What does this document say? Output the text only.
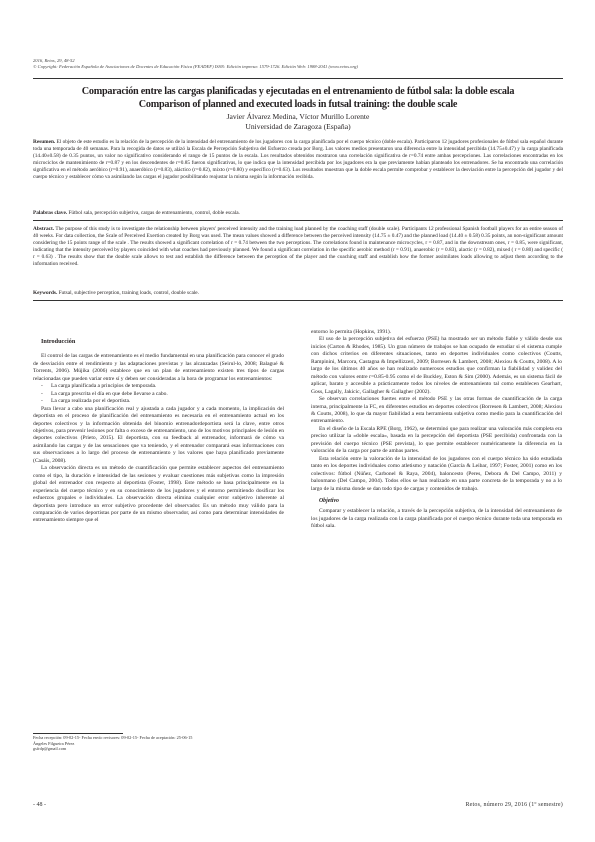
2016, Retos, 29, 48-52
© Copyright: Federación Española de Asociaciones de Docentes de Educación Física (FEADEF) ISSN: Edición impresa: 1579-1726. Edición Web: 1988-2041 (www.retos.org)
Comparación entre las cargas planificadas y ejecutadas en el entrenamiento de fútbol sala: la doble escala
Comparison of planned and executed loads in futsal training: the double scale
Javier Álvarez Medina, Víctor Murillo Lorente
Universidad de Zaragoza (España)
Resumen. El objeto de este estudio es la relación de la percepción de la intensidad del entrenamiento de los jugadores con la carga planificada por el cuerpo técnico (doble escala). Participaron 12 jugadores profesionales de fútbol sala español durante toda una temporada de 40 semanas. Para la recogida de datos se utilizó la Escala de Percepción Subjetiva del Esfuerzo creada por Borg. Los valores medios presentaron una diferencia entre la intensidad percibida (14.75±0.47) y la carga planificada (14.40±0.58) de 0.35 puntos, un valor no significativo considerando el rango de 15 puntos de la escala. Los resultados obtenidos mostraron una correlación significativa de r=0.74 entre ambas percepciones. Las correlaciones encontradas en los microciclos de mantenimiento de r=0.87 y en los descendentes de r=0.85 fueron significativas, lo que indica que la intensidad percibida por los jugadores era la que previamente habían planteado los entrenadores. Se ha encontrado una correlación significativa en el método aeróbico (r=0.91), anaeróbico (r=0.83), aláctico (r=0.82), mixto (r=0.80) y específico (r=0.63). Los resultados muestran que la doble escala permite comprobar y establecer la desviación entre la percepción del jugador y del cuerpo técnico y establecer cómo va asimilando las cargas el jugador posibilitando reajustar la misma según la información recibida.
Palabras clave. Fútbol sala, percepción subjetiva, cargas de entrenamiento, control, doble escala.
Abstract. The purpose of this study is to investigate the relationship between players' perceived intensity and the training load planned by the coaching staff (double scale). Participants 12 professional Spanish football players for an entire season of 40 weeks. For data collection, the Scale of Perceived Exertion created by Borg was used. The mean values showed a difference between the perceived intensity (14.75 ± 0.47) and the planned load (14.40 ± 0.58) 0.35 points, an non-significant amount considering the 15 points range of the scale . The results showed a significant correlation of r = 0.74 between the two perceptions. The correlations found in maintenance microcycles, r = 0.87, and in the downstream ones, r = 0.85, were significant, indicating that the intensity perceived by players coincided with what coaches had previously planned. We found a significant correlation in the specific aerobic method (r = 0.91), anaerobic (r = 0.83), alactic (r = 0.82), mixed ( r = 0.80) and specific ( r = 0.63) . The results show that the double scale allows to test and establish the difference between the perception of the player and the coaching staff and establish how the former assimilates loads allowing to adjust them according to the information received.
Keywords. Futsal, subjective perception, training loads, control, double scale.
Introducción

El control de las cargas de entrenamiento es el medio fundamental en una planificación para conocer el grado de desviación entre el rendimiento y las adaptaciones previstas y las alcanzadas (Seirul-lo, 2008; Balagué & Torrents, 2006). Mújika (2006) establece que en un plan de entrenamiento existen tres tipos de cargas relacionadas que pueden variar entre sí y deben ser consideradas a la hora de programar los entrenamientos:

- La carga planificada a principios de temporada.
- La carga prescrita el día en que debe llevarse a cabo.
- La carga realizada por el deportista.

Para llevar a cabo una planificación real y ajustada a cada jugador y a cada momento, la implicación del deportista en el proceso de planificación del entrenamiento es necesaria en el entrenamiento actual en los deportes colectivos y la información obtenida del binomio entrenadordeportista será la clave, entre otros objetivos, para prevenir lesiones por falta o exceso de entrenamiento, uno de los motivos principales de lesión en deportes colectivos (Prieto, 2015). El deportista, con su feedback al entrenador, informará de cómo va asimilando las cargas y de las sensaciones que va teniendo, y el entrenador comparará esas informaciones con sus observaciones a lo largo del proceso de entrenamiento y los valores que haya planificado previamente (Casáis, 2008).

La observación directa es un método de cuantificación que permite establecer aspectos del entrenamiento como el tipo, la duración e intensidad de las sesiones y evaluar cuestiones más subjetivas como la impresión global del entrenador con respecto al deportista (Foster, 1998). Este método se basa principalmente en la experiencia del cuerpo técnico y en su conocimiento de los jugadores y el entorno permitiendo dosificar los esfuerzos grupales e individuales. La observación directa elimina cualquier error subjetivo inherente al deportista pero introduce un error subjetivo procedente del observador. Es un método muy válido para la comparación de varios deportistas por parte de un mismo observador, así como para determinar intensidades de entrenamiento siempre que el

entorno lo permita (Hopkins, 1991).

El uso de la percepción subjetiva del esfuerzo (PSE) ha mostrado ser un método fiable y válido desde sus inicios (Carton & Rhodes, 1985). Un gran número de trabajos se han ocupado de estudiar si el sistema cumple con dichos criterios en diferentes situaciones, tanto en deportes individuales como colectivos (Coutts, Rampinini, Marcora, Castagna & Impellizzeri, 2009; Borresen & Lambert, 2008; Alexiou & Coutts, 2008). A lo largo de los últimos 40 años se han realizado numerosos estudios que confirman la fiabilidad y validez del método con valores entre r=0.85-0.95 como el de Buckley, Eston & Sim (2000). Además, es un sistema fácil de aplicar, barato y accesible a prácticamente todos los niveles de entrenamiento tal como establecen Gearhart, Goss, Lagally, Jakicic, Gallagher & Gallagher (2002).

Se observan correlaciones fuertes entre el método PSE y las otras formas de cuantificación de la carga interna, principalmente la FC, en diferentes estudios en deportes colectivos (Borresen & Lambert, 2008; Alexiou & Coutts, 2008), lo que da mayor fiabilidad a esta herramienta subjetiva como medio para la cuantificación del entrenamiento.

En el diseño de la Escala RPE (Borg, 1962), se determinó que para realizar una valoración más completa era preciso utilizar la «doble escala», basada en la percepción del deportista (PSE percibida) confrontada con la previsión del cuerpo técnico (PSE prevista), lo que permite establecer numéricamente la diferencia en la valoración de la carga por parte de ambas partes.

Esta relación entre la valoración de la intensidad de los jugadores con el cuerpo técnico ha sido estudiada tanto en los deportes individuales como atletismo y natación (García & Leibar, 1997; Foster, 2001) como en los colectivos: fútbol (Núñez, Carbonel & Raya, 2004), baloncesto (Peres, Debora & Del Campo, 2011) y balonmano (Del Campo, 2004). Todos ellos se han realizado en una parte concreta de la temporada y no a lo largo de la misma donde se dan todo tipo de cargas y contenidos de trabajo.

Objetivo

Comparar y establecer la relación, a través de la percepción subjetiva, de la intensidad del entrenamiento de los jugadores de la carga realizada con la carga planificada por el cuerpo técnico durante toda una temporada en fútbol sala.

Fecha recepción: 09-02-15- Fecha envío revisores: 09-02-15- Fecha de aceptación: 25-06-15
Ángeles Filgueira Pérez
gsfrdp@gmail.com
- 48 -	Retos, número 29, 2016 (1º semestre)
